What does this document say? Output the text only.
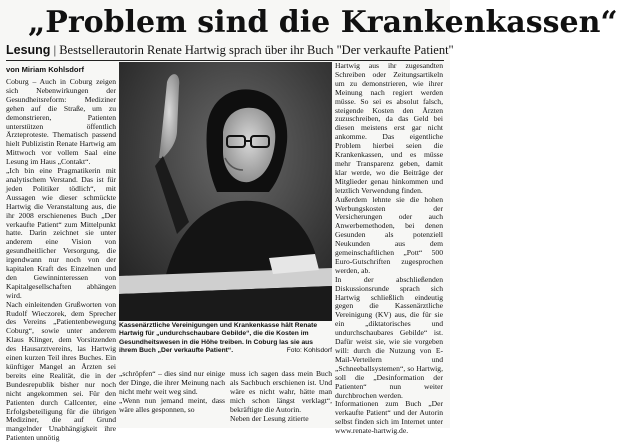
„Problem sind die Krankenkassen“
Lesung | Bestsellerautorin Renate Hartwig sprach über ihr Buch "Der verkaufte Patient"
von Miriam Kohlsdorf
Coburg – Auch in Coburg zeigen sich Nebenwirkungen der Gesundheitsreform: Mediziner gehen auf die Straße, um zu demonstrieren, Patienten unterstützen öffentlich Ärzteproteste. Thematisch passend hielt Publizistin Renate Hartwig am Mittwoch vor vollem Saal eine Lesung im Haus „Contakt“.
„Ich bin eine Pragmatikerin mit analytischem Verstand. Das ist für jeden Politiker tödlich“, mit Aussagen wie dieser schmückte Hartwig die Veranstaltung aus, die ihr 2008 erschienenes Buch „Der verkaufte Patient“ zum Mittelpunkt hatte. Darin zeichnet sie unter anderem eine Vision von gesundheitlicher Versorgung, die irgendwann nur noch von der kapitalen Kraft des Einzelnen und den Gewinninteressen von Kapitalgesellschaften abhängen wird.
Nach einleitenden Grußworten von Rudolf Wieczorek, dem Sprecher des Vereins „Patientenbewegung Coburg“, sowie unter anderem Klaus Klinger, dem Vorsitzenden des Hausarztvereins, las Hartwig einen kurzen Teil ihres Buches. Ein künftiger Mangel an Ärzten sei bereits eine Realität, die in der Bundesrepublik bisher nur noch nicht angekommen sei. Für den Patienten durch Callcenter, eine Erfolgsbeteiligung für die übrigen Mediziner, die auf Grund mangelnder Unabhängigkeit ihre Patienten unnötig
Kassenärztliche Vereinigungen und Krankenkasse hält Renate Hartwig für „undurchschaubare Gebilde“, die die Kosten im Gesundheitswesen in die Höhe treiben. In Coburg las sie aus ihrem Buch „Der verkaufte Patient“.	Foto: Kohlsdorf
„schröpfen“ – dies sind nur einige der Dinge, die ihrer Meinung nach nicht mehr weit weg sind.
„Wenn nun jemand meint, dass wäre alles gesponnen, so
muss ich sagen dass mein Buch als Sachbuch erschienen ist. Und wäre es nicht wahr, hätte man mich schon längst verklagt“, bekräftigte die Autorin.
Neben der Lesung zitierte
Hartwig aus ihr zugesandten Schreiben oder Zeitungsartikeln um zu demonstrieren, wie ihrer Meinung nach regiert werden müsse. So sei es absolut falsch, steigende Kosten den Ärzten zuzuschreiben, da das Geld bei diesen meistens erst gar nicht ankomme. Das eigentliche Problem hierbei seien die Krankenkassen, und es müsse mehr Transparenz geben, damit klar werde, wo die Beiträge der Mitglieder genau hinkommen und letztlich Verwendung finden.
Außerdem lehnte sie die hohen Werbungskosten der Versicherungen oder auch Anwerbemethoden, bei denen Gesunden als potenziell Neukunden aus dem gemeinschaftlichen „Pott“ 500 Euro-Gutschriften zugesprochen werden, ab.
In der abschließenden Diskussionsrunde sprach sich Hartwig schließlich eindeutig gegen die Kassenärztliche Vereinigung (KV) aus, die für sie ein „diktatorisches und undurchschaubares Gebilde“ ist. Dafür weist sie, wie sie vorgeben will: durch die Nutzung von E-Mail-Verteilern und „Schneeballsystemen“, so Hartwig, soll die „Desinformation der Patienten“ nun weiter durchbrochen werden.
Informationen zum Buch „Der verkaufte Patient“ und der Autorin selbst finden sich im Internet unter www.renate-hartwig.de.
